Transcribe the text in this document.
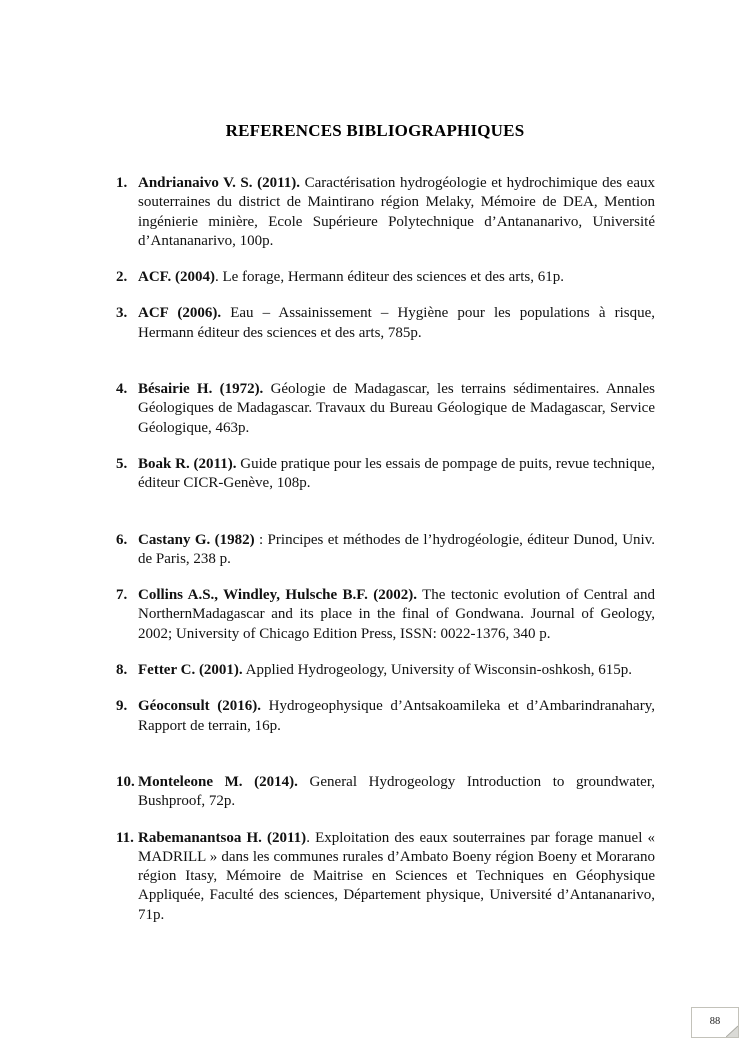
REFERENCES BIBLIOGRAPHIQUES
1. Andrianaivo V. S. (2011). Caractérisation hydrogéologie et hydrochimique des eaux souterraines du district de Maintirano région Melaky, Mémoire de DEA, Mention ingénierie minière, Ecole Supérieure Polytechnique d’Antananarivo, Université d’Antananarivo, 100p.
2. ACF. (2004). Le forage, Hermann éditeur des sciences et des arts, 61p.
3. ACF (2006). Eau – Assainissement – Hygiène pour les populations à risque, Hermann éditeur des sciences et des arts, 785p.
4. Bésairie H. (1972). Géologie de Madagascar, les terrains sédimentaires. Annales Géologiques de Madagascar. Travaux du Bureau Géologique de Madagascar, Service Géologique, 463p.
5. Boak R. (2011). Guide pratique pour les essais de pompage de puits, revue technique, éditeur CICR-Genève, 108p.
6. Castany G. (1982) : Principes et méthodes de l’hydrogéologie, éditeur Dunod, Univ. de Paris, 238 p.
7. Collins A.S., Windley, Hulsche B.F. (2002). The tectonic evolution of Central and NorthernMadagascar and its place in the final of Gondwana. Journal of Geology, 2002; University of Chicago Edition Press, ISSN: 0022-1376, 340 p.
8. Fetter C. (2001). Applied Hydrogeology, University of Wisconsin-oshkosh, 615p.
9. Géoconsult (2016). Hydrogeophysique d’Antsakoamileka et d’Ambarindranahary, Rapport de terrain, 16p.
10. Monteleone M. (2014). General Hydrogeology Introduction to groundwater, Bushproof, 72p.
11. Rabemanantsoa H. (2011). Exploitation des eaux souterraines par forage manuel « MADRILL » dans les communes rurales d’Ambato Boeny région Boeny et Morarano région Itasy, Mémoire de Maitrise en Sciences et Techniques en Géophysique Appliquée, Faculté des sciences, Département physique, Université d’Antananarivo, 71p.
88
